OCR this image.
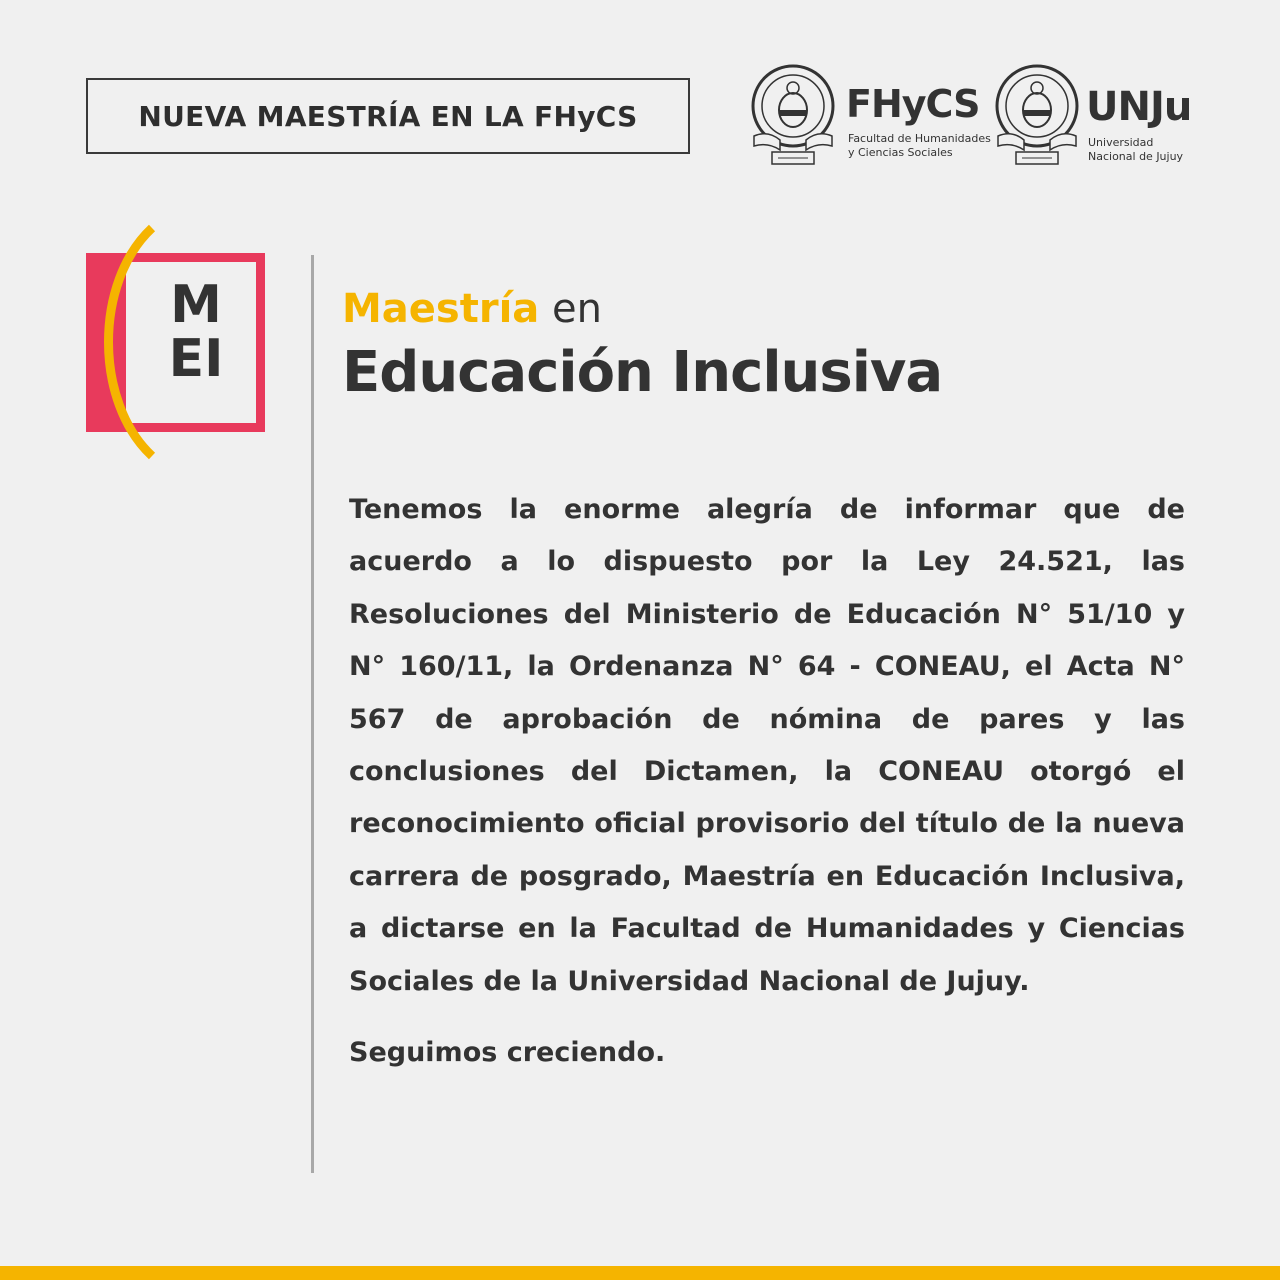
NUEVA MAESTRÍA EN LA FHyCS	FHyCS
Facultad de Humanidades
y Ciencias Sociales
UNJu
Universidad
Nacional de Jujuy
M
EI
Maestría en
Educación Inclusiva

Tenemos la enorme alegría de informar que de acuerdo a lo dispuesto por la Ley 24.521, las Resoluciones del Ministerio de Educación N° 51/10 y N° 160/11, la Ordenanza N° 64 - CONEAU, el Acta N° 567 de aprobación de nómina de pares y las conclusiones del Dictamen, la CONEAU otorgó el reconocimiento oficial provisorio del título de la nueva carrera de posgrado, Maestría en Educación Inclusiva, a dictarse en la Facultad de Humanidades y Ciencias Sociales de la Universidad Nacional de Jujuy.

Seguimos creciendo.
